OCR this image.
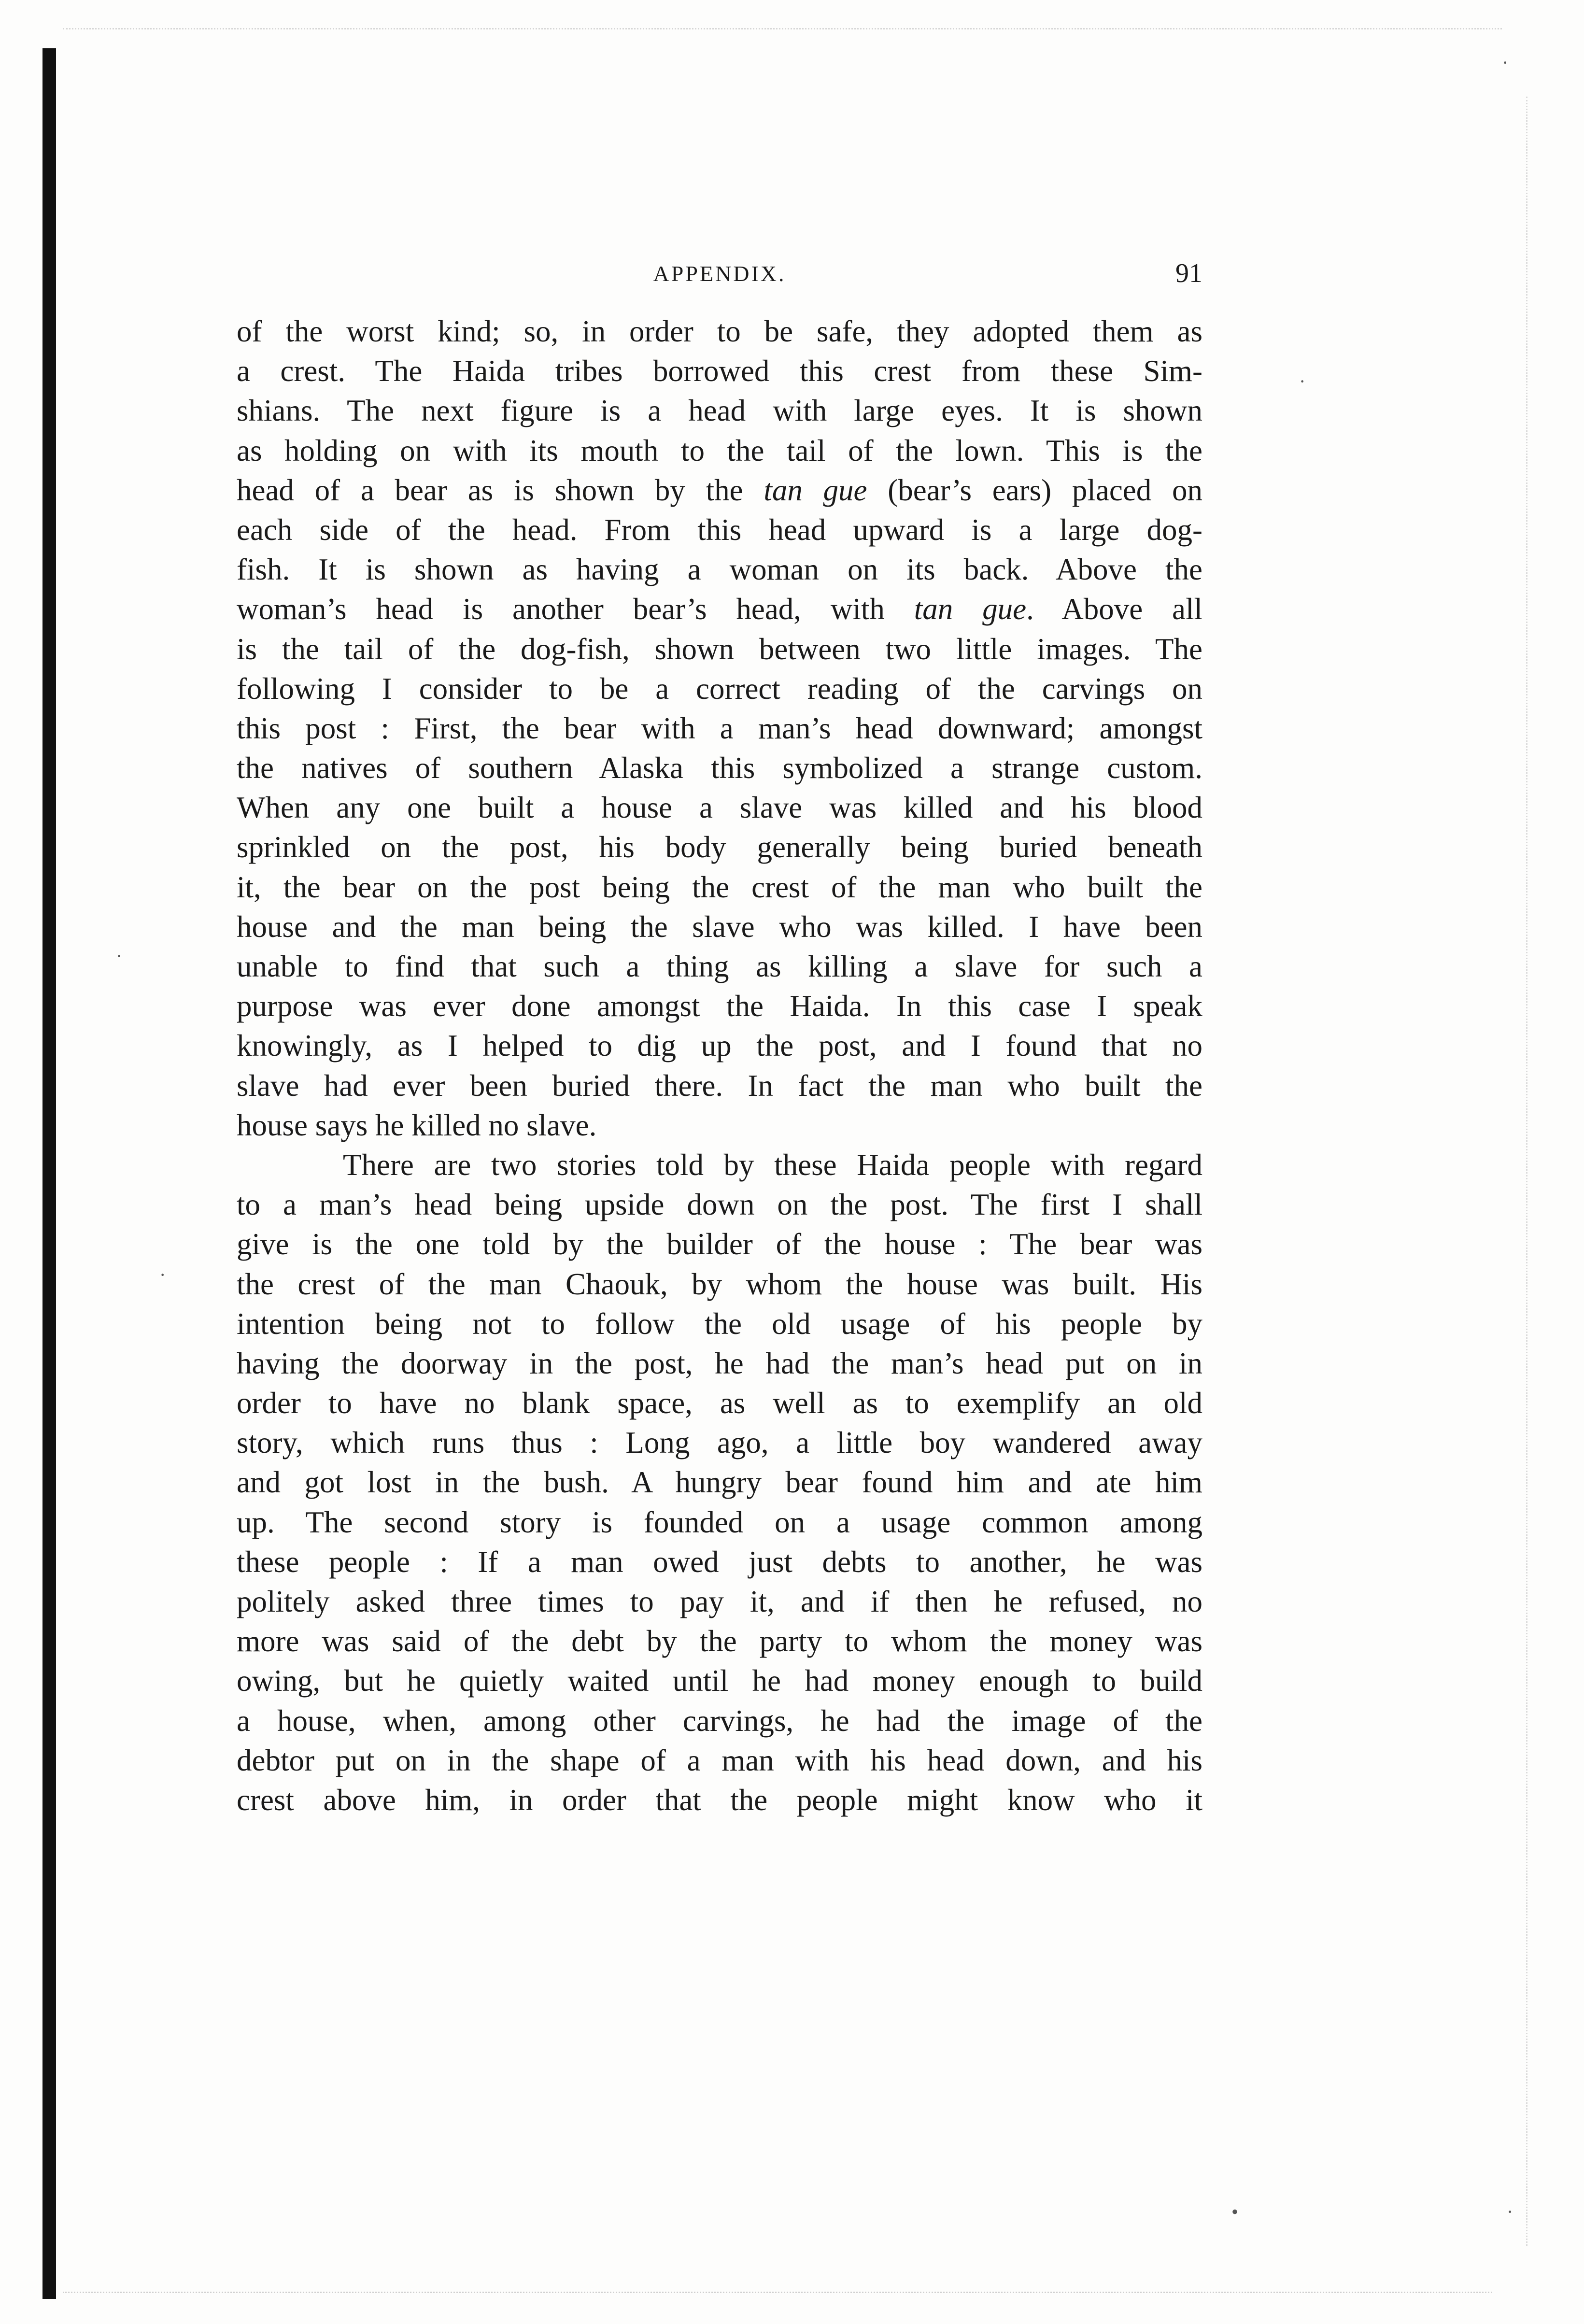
·
·
·
·
•	·
APPENDIX.	91
of the worst kind; so, in order to be safe, they adopted them as
a crest. The Haida tribes borrowed this crest from these Sim-
shians. The next figure is a head with large eyes. It is shown
as holding on with its mouth to the tail of the lown. This is the
head of a bear as is shown by the tan gue (bear’s ears) placed on
each side of the head. From this head upward is a large dog-
fish. It is shown as having a woman on its back. Above the
woman’s head is another bear’s head, with tan gue. Above all
is the tail of the dog-fish, shown between two little images. The
following I consider to be a correct reading of the carvings on
this post : First, the bear with a man’s head downward; amongst
the natives of southern Alaska this symbolized a strange custom.
When any one built a house a slave was killed and his blood
sprinkled on the post, his body generally being buried beneath
it, the bear on the post being the crest of the man who built the
house and the man being the slave who was killed. I have been
unable to find that such a thing as killing a slave for such a
purpose was ever done amongst the Haida. In this case I speak
knowingly, as I helped to dig up the post, and I found that no
slave had ever been buried there. In fact the man who built the
house says he killed no slave.
There are two stories told by these Haida people with regard
to a man’s head being upside down on the post. The first I shall
give is the one told by the builder of the house : The bear was
the crest of the man Chaouk, by whom the house was built. His
intention being not to follow the old usage of his people by
having the doorway in the post, he had the man’s head put on in
order to have no blank space, as well as to exemplify an old
story, which runs thus : Long ago, a little boy wandered away
and got lost in the bush. A hungry bear found him and ate him
up. The second story is founded on a usage common among
these people : If a man owed just debts to another, he was
politely asked three times to pay it, and if then he refused, no
more was said of the debt by the party to whom the money was
owing, but he quietly waited until he had money enough to build
a house, when, among other carvings, he had the image of the
debtor put on in the shape of a man with his head down, and his
crest above him, in order that the people might know who it
